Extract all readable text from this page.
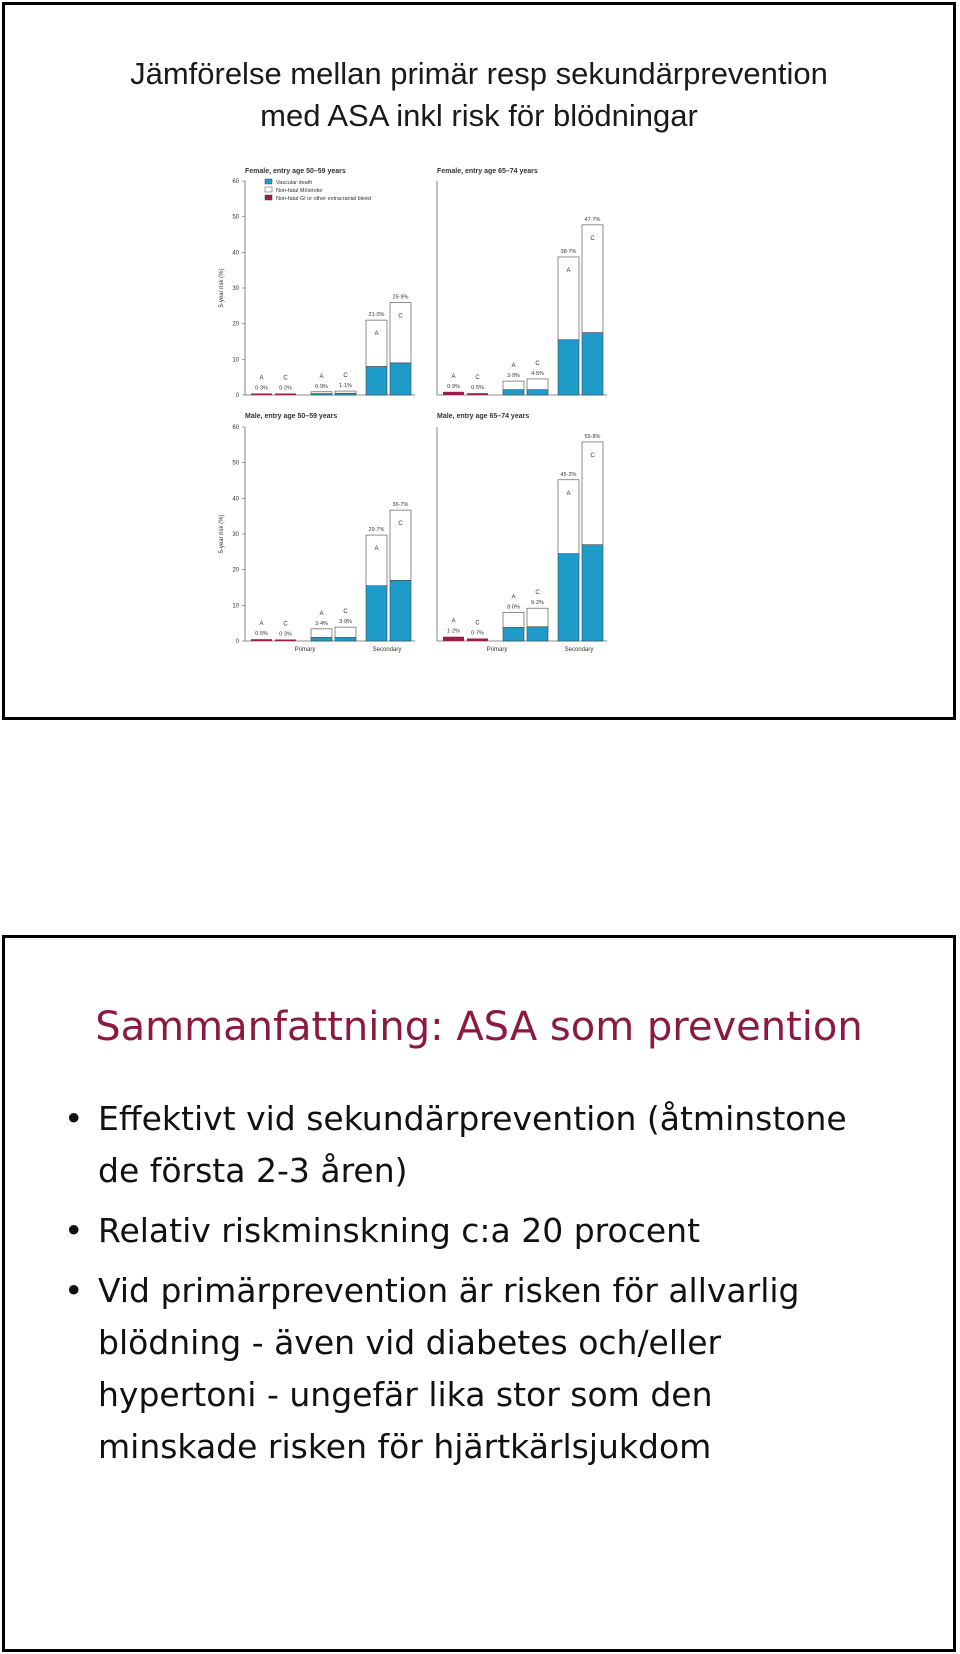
Jämförelse mellan primär resp sekundärprevention
med ASA inkl risk för blödningar
Female, entry age 50–59 years
0
10
20
30
40
50
60
5-year risk (%)
0·3%
A
0·2%
C
0·9%
A
1·1%
C
21·0%
A
25·9%
C
Female, entry age 65–74 years
0·9%
A
0·5%
C	3·9%
A
4·5%
C
38·7%
A
47·7%
C
Male, entry age 50–59 years
0
10
20
30
40
50
60
5-year risk (%)
0·5%
A
0·3%
C	3·4%
A
3·9%
C
29·7%
A
36·7%
C
Primary	Secondary
Male, entry age 65–74 years
1·2%
A
0·7%
C
8·0%
A
9·2%
C
45·2%
A
55·8%
C
Primary	Secondary
Vascular death
Non-fatal MI/stroke
Non-fatal GI or other extracranial bleed
Sammanfattning: ASA som prevention
• Effektivt vid sekundärprevention (åtminstone
de första 2-3 åren)
• Relativ riskminskning c:a 20 procent
• Vid primärprevention är risken för allvarlig
blödning - även vid diabetes och/eller
hypertoni - ungefär lika stor som den
minskade risken för hjärtkärlsjukdom
